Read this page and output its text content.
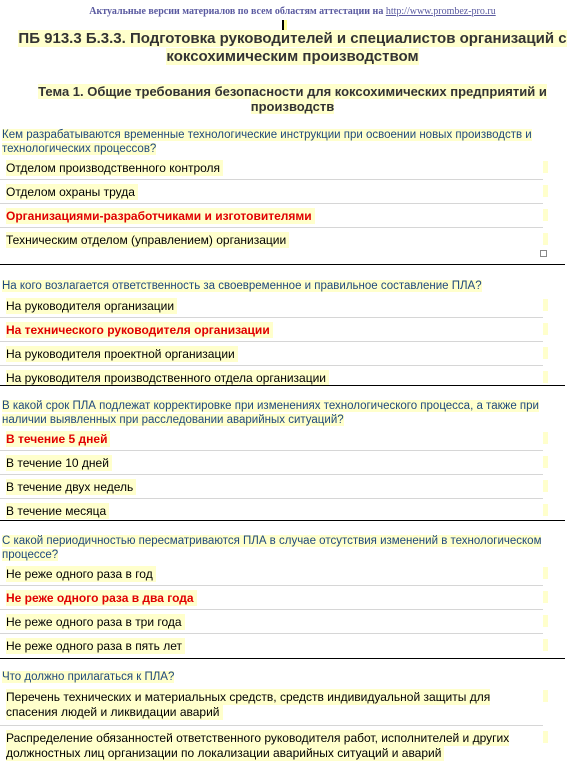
Актуальные версии материалов по всем областям аттестации на http://www.prombez-pro.ru
ПБ 913.3 Б.3.3. Подготовка руководителей и специалистов организаций с
коксохимическим производством
Тема 1. Общие требования безопасности для коксохимических предприятий и
производств
Кем разрабатываются временные технологические инструкции при освоении новых производств и технологических процессов?
Отделом производственного контроля
Отделом охраны труда
Организациями-разработчиками и изготовителями
Техническим отделом (управлением) организации
На кого возлагается ответственность за своевременное и правильное составление ПЛА?
На руководителя организации
На технического руководителя организации
На руководителя проектной организации
На руководителя производственного отдела организации
В какой срок ПЛА подлежат корректировке при изменениях технологического процесса, а также при наличии выявленных при расследовании аварийных ситуаций?
В течение 5 дней
В течение 10 дней
В течение двух недель
В течение месяца
С какой периодичностью пересматриваются ПЛА в случае отсутствия изменений в технологическом процессе?
Не реже одного раза в год
Не реже одного раза в два года
Не реже одного раза в три года
Не реже одного раза в пять лет
Что должно прилагаться к ПЛА?
Перечень технических и материальных средств, средств индивидуальной защиты для спасения людей и ликвидации аварий
Распределение обязанностей ответственного руководителя работ, исполнителей и других должностных лиц организации по локализации аварийных ситуаций и аварий
